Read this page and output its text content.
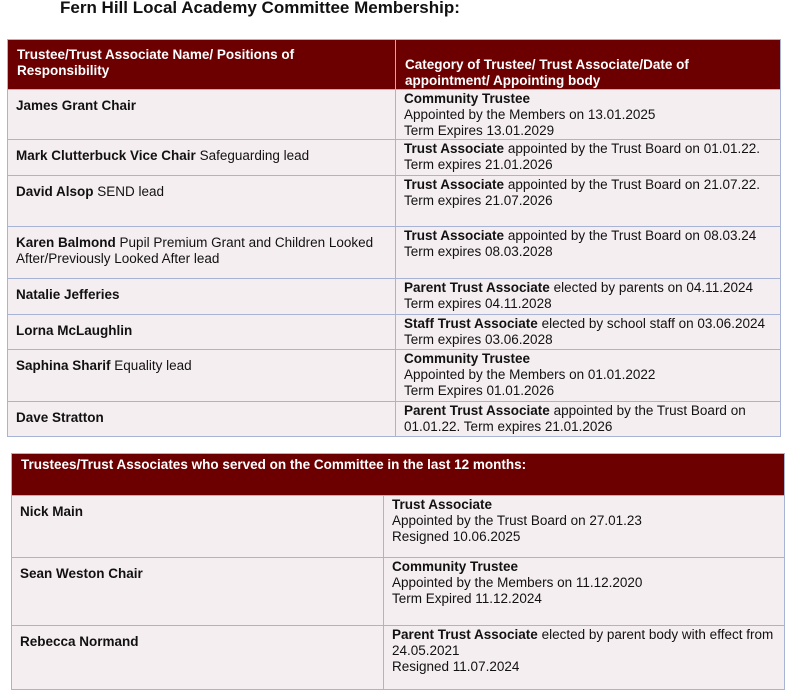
Fern Hill Local Academy Committee Membership:
Trustee/Trust Associate Name/ Positions of Responsibility	Category of Trustee/ Trust Associate/Date of appointment/ Appointing body
James Grant Chair	Community Trustee
Appointed by the Members on 13.01.2025
Term Expires 13.01.2029

Mark Clutterbuck Vice Chair Safeguarding lead	Trust Associate appointed by the Trust Board on 01.01.22. Term expires 21.01.2026
David Alsop SEND lead	Trust Associate appointed by the Trust Board on 21.07.22. Term expires 21.07.2026
Karen Balmond Pupil Premium Grant and Children Looked After/Previously Looked After lead	Trust Associate appointed by the Trust Board on 08.03.24 Term expires 08.03.2028
Natalie Jefferies	Parent Trust Associate elected by parents on 04.11.2024 Term expires 04.11.2028
Lorna McLaughlin	Staff Trust Associate elected by school staff on 03.06.2024 Term expires 03.06.2028
Saphina Sharif Equality lead	Community Trustee
Appointed by the Members on 01.01.2022
Term Expires 01.01.2026

Dave Stratton	Parent Trust Associate appointed by the Trust Board on 01.01.22. Term expires 21.01.2026
Trustees/Trust Associates who served on the Committee in the last 12 months:	
Nick Main	Trust Associate
Appointed by the Trust Board on 27.01.23
Resigned 10.06.2025

Sean Weston Chair	Community Trustee
Appointed by the Members on 11.12.2020
Term Expired 11.12.2024

Rebecca Normand	Parent Trust Associate elected by parent body with effect from 24.05.2021
Resigned 11.07.2024
